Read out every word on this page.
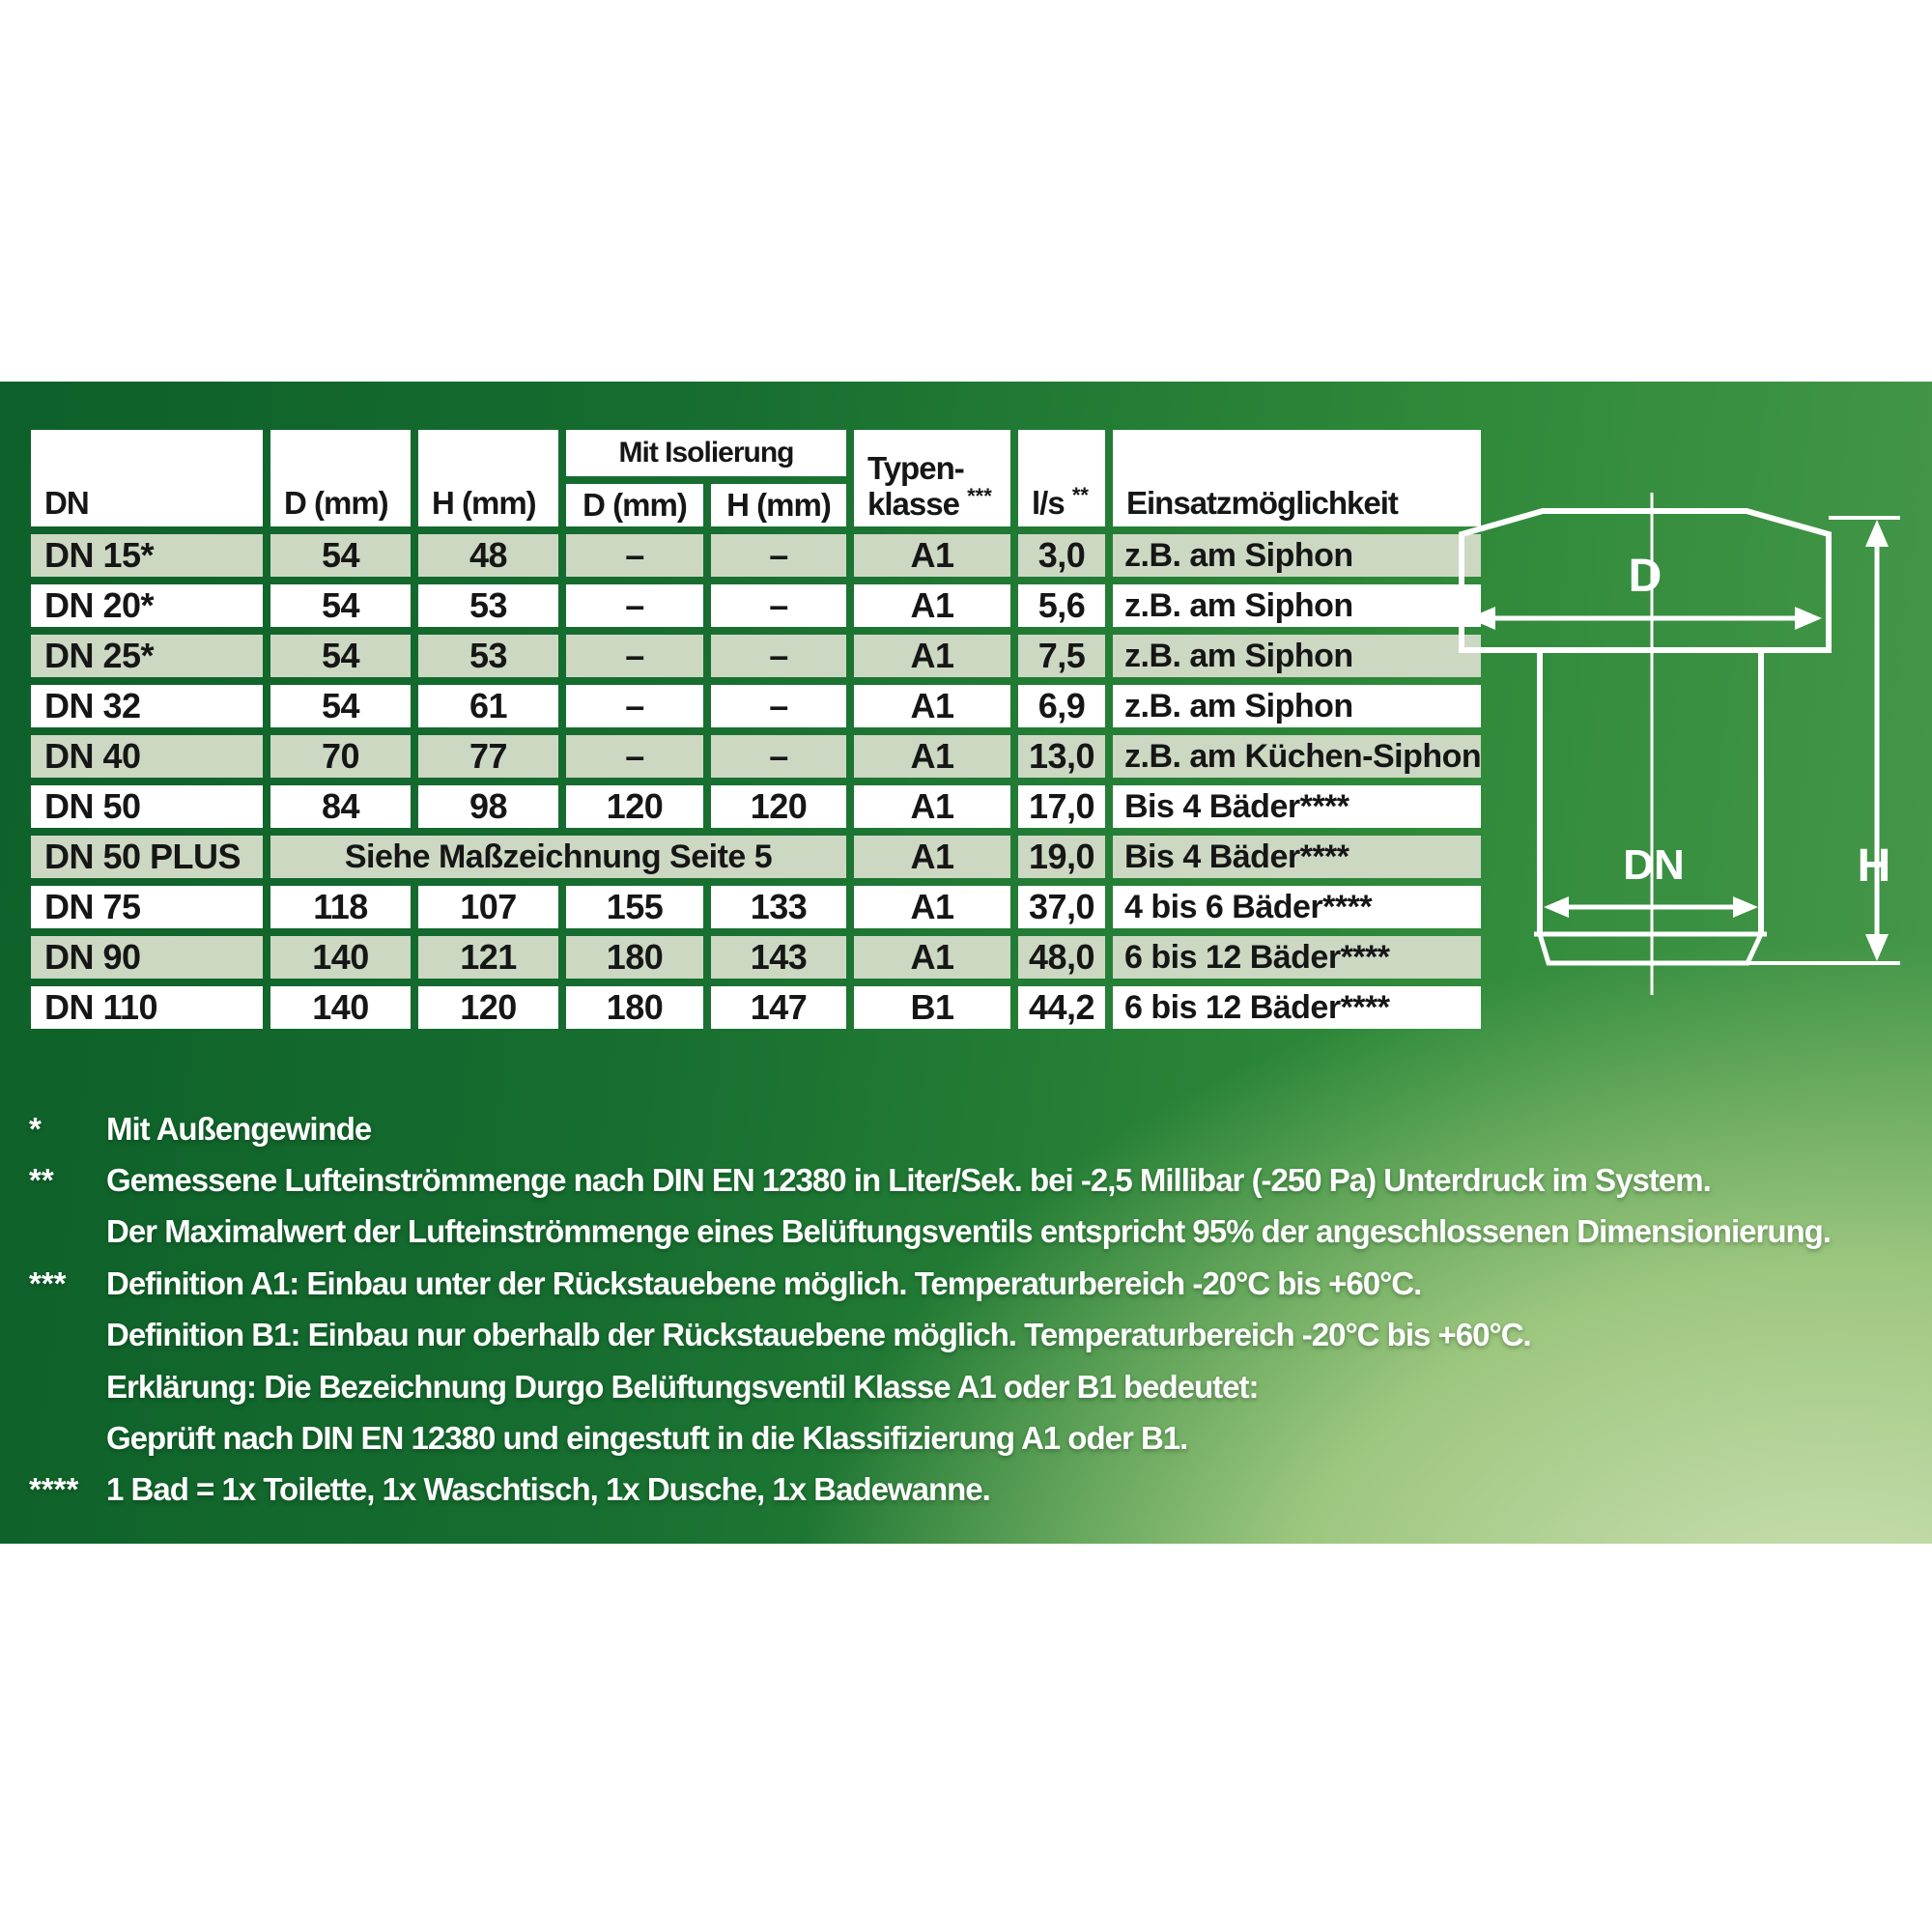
DN	D (mm)	H (mm)	Mit Isolierung		Typen-
klasse ***	l/s **	Einsatzmöglichkeit
			D (mm)	H (mm)			
DN 15*	54	48	–	–	A1	3,0	z.B. am Siphon
DN 20*	54	53	–	–	A1	5,6	z.B. am Siphon
DN 25*	54	53	–	–	A1	7,5	z.B. am Siphon
DN 32	54	61	–	–	A1	6,9	z.B. am Siphon
DN 40	70	77	–	–	A1	13,0	z.B. am Küchen-Siphon
DN 50	84	98	120	120	A1	17,0	Bis 4 Bäder****
DN 50 PLUS	Siehe Maßzeichnung Seite 5				A1	19,0	Bis 4 Bäder****
DN 75	118	107	155	133	A1	37,0	4 bis 6 Bäder****
DN 90	140	121	180	143	A1	48,0	6 bis 12 Bäder****
DN 110	140	120	180	147	B1	44,2	6 bis 12 Bäder****
D
DN	H
*	Mit Außengewinde
**	Gemessene Lufteinströmmenge nach DIN EN 12380 in Liter/Sek. bei -2,5 Millibar (-250 Pa) Unterdruck im System.
Der Maximalwert der Lufteinströmmenge eines Belüftungsventils entspricht 95% der angeschlossenen Dimensionierung.
***	Definition A1: Einbau unter der Rückstauebene möglich. Temperaturbereich -20°C bis +60°C.
Definition B1: Einbau nur oberhalb der Rückstauebene möglich. Temperaturbereich -20°C bis +60°C.
Erklärung: Die Bezeichnung Durgo Belüftungsventil Klasse A1 oder B1 bedeutet:
Geprüft nach DIN EN 12380 und eingestuft in die Klassifizierung A1 oder B1.
**** 1 Bad = 1x Toilette, 1x Waschtisch, 1x Dusche, 1x Badewanne.
